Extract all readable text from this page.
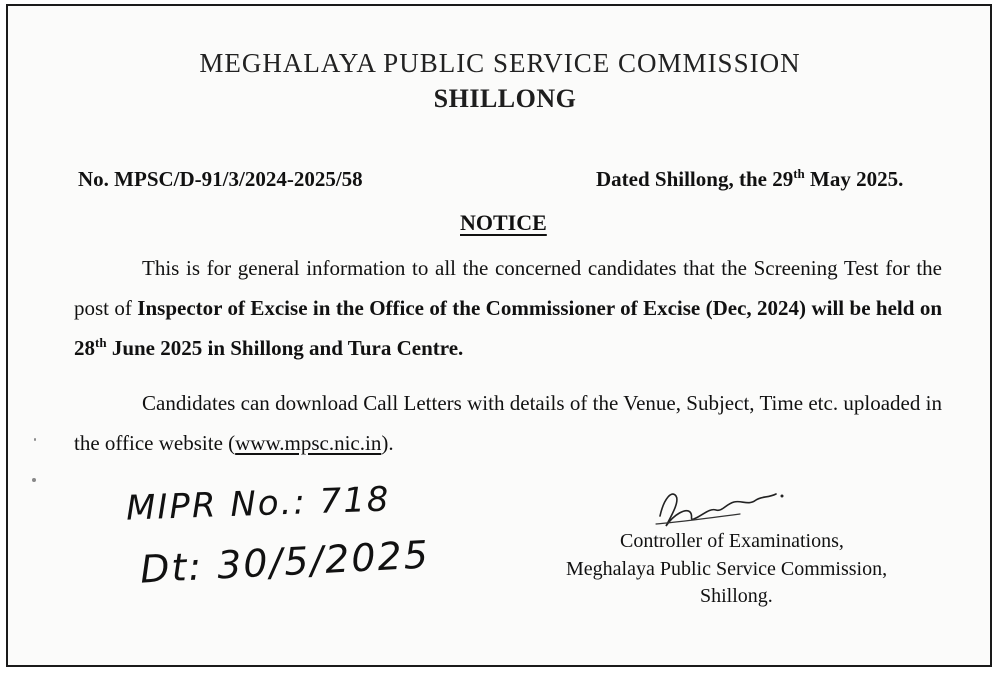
MEGHALAYA PUBLIC SERVICE COMMISSION

SHILLONG

No. MPSC/D-91/3/2024-2025/58	Dated Shillong, the 29th May 2025.

NOTICE

This is for general information to all the concerned candidates that the Screening Test for the post of Inspector of Excise in the Office of the Commissioner of Excise (Dec, 2024) will be held on 28th June 2025 in Shillong and Tura Centre.

Candidates can download Call Letters with details of the Venue, Subject, Time etc. uploaded in the office website (www.mpsc.nic.in).

MIPR No.: 718

Dt: 30/5/2025	Controller of Examinations,

Meghalaya Public Service Commission,

Shillong.
